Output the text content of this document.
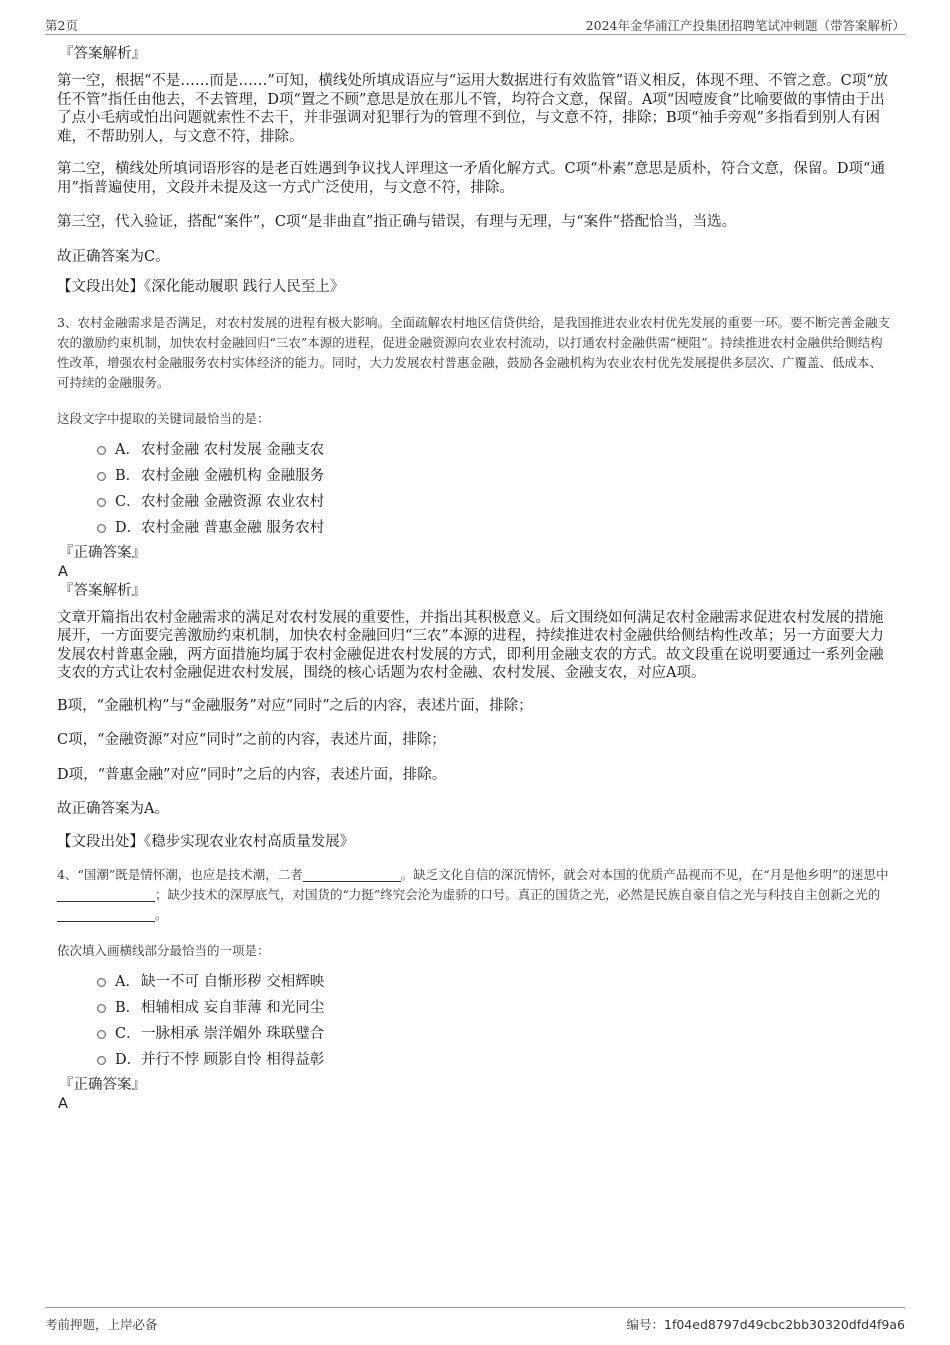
第2页	2024年金华浦江产投集团招聘笔试冲刺题（带答案解析）
『答案解析』

第一空，根据“不是……而是……”可知，横线处所填成语应与“运用大数据进行有效监管”语义相反，体现不理、不管之意。C项“放任不管”指任由他去，不去管理，D项“置之不顾”意思是放在那儿不管，均符合文意，保留。A项“因噎废食”比喻要做的事情由于出了点小毛病或怕出问题就索性不去干，并非强调对犯罪行为的管理不到位，与文意不符，排除；B项“袖手旁观”多指看到别人有困难，不帮助别人，与文意不符，排除。

第二空，横线处所填词语形容的是老百姓遇到争议找人评理这一矛盾化解方式。C项“朴素”意思是质朴，符合文意，保留。D项“通用”指普遍使用，文段并未提及这一方式广泛使用，与文意不符，排除。

第三空，代入验证，搭配“案件”，C项“是非曲直”指正确与错误，有理与无理，与“案件”搭配恰当，当选。

故正确答案为C。

【文段出处】《深化能动履职 践行人民至上》

3、农村金融需求是否满足，对农村发展的进程有极大影响。全面疏解农村地区信贷供给，是我国推进农业农村优先发展的重要一环。要不断完善金融支农的激励约束机制，加快农村金融回归“三农”本源的进程，促进金融资源向农业农村流动，以打通农村金融供需“梗阻”。持续推进农村金融供给侧结构性改革，增强农村金融服务农村实体经济的能力。同时，大力发展农村普惠金融，鼓励各金融机构为农业农村优先发展提供多层次、广覆盖、低成本、可持续的金融服务。

这段文字中提取的关键词最恰当的是：

A．农村金融 农村发展 金融支农
B．农村金融 金融机构 金融服务
C．农村金融 金融资源 农业农村
D．农村金融 普惠金融 服务农村
『正确答案』
A
『答案解析』

文章开篇指出农村金融需求的满足对农村发展的重要性，并指出其积极意义。后文围绕如何满足农村金融需求促进农村发展的措施展开，一方面要完善激励约束机制，加快农村金融回归“三农”本源的进程，持续推进农村金融供给侧结构性改革；另一方面要大力发展农村普惠金融，两方面措施均属于农村金融促进农村发展的方式，即利用金融支农的方式。故文段重在说明要通过一系列金融支农的方式让农村金融促进农村发展，围绕的核心话题为农村金融、农村发展、金融支农，对应A项。

B项，“金融机构”与“金融服务”对应“同时”之后的内容，表述片面，排除；

C项，“金融资源”对应“同时”之前的内容，表述片面，排除；

D项，“普惠金融”对应“同时”之后的内容，表述片面，排除。

故正确答案为A。

【文段出处】《稳步实现农业农村高质量发展》

4、“国潮”既是情怀潮，也应是技术潮，二者	。缺乏文化自信的深沉情怀，就会对本国的优质产品视而不见，在“月是他乡明”的迷思中；缺少技术的深厚底气，对国货的“力挺”终究会沦为虚骄的口号。真正的国货之光，必然是民族自豪自信之光与科技自主创新之光的。

依次填入画横线部分最恰当的一项是：

A．缺一不可 自惭形秽 交相辉映
B．相辅相成 妄自菲薄 和光同尘
C．一脉相承 崇洋媚外 珠联璧合
D．并行不悖 顾影自怜 相得益彰
『正确答案』
A
考前押题，上岸必备	编号：1f04ed8797d49cbc2bb30320dfd4f9a6
